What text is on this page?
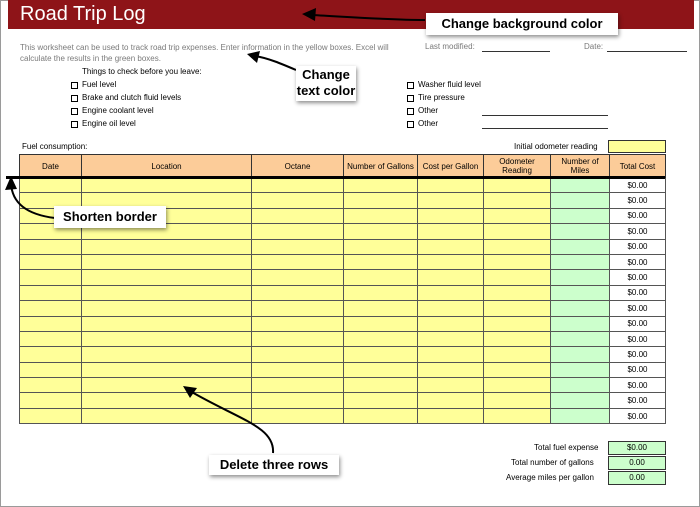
Road Trip Log
This worksheet can be used to track road trip expenses. Enter information in the yellow boxes. Excel will calculate the results in the green boxes.
Last modified:	Date:
Things to check before you leave:
Fuel level
Brake and clutch fluid levels
Engine coolant level
Engine oil level
Washer fluid level
Tire pressure
Other
Other
Fuel consumption:	Initial odometer reading
Date	Location	Octane	Number of Gallons	Cost per Gallon	Odometer Reading	Number of Miles	Total Cost
							$0.00
							$0.00
							$0.00
							$0.00
							$0.00
							$0.00
							$0.00
							$0.00
							$0.00
							$0.00
							$0.00
							$0.00
							$0.00
							$0.00
							$0.00
							$0.00
Total fuel expense	$0.00
Total number of gallons	0.00
Average miles per gallon	0.00
Change background color
Change text color
Shorten border
Delete three rows
